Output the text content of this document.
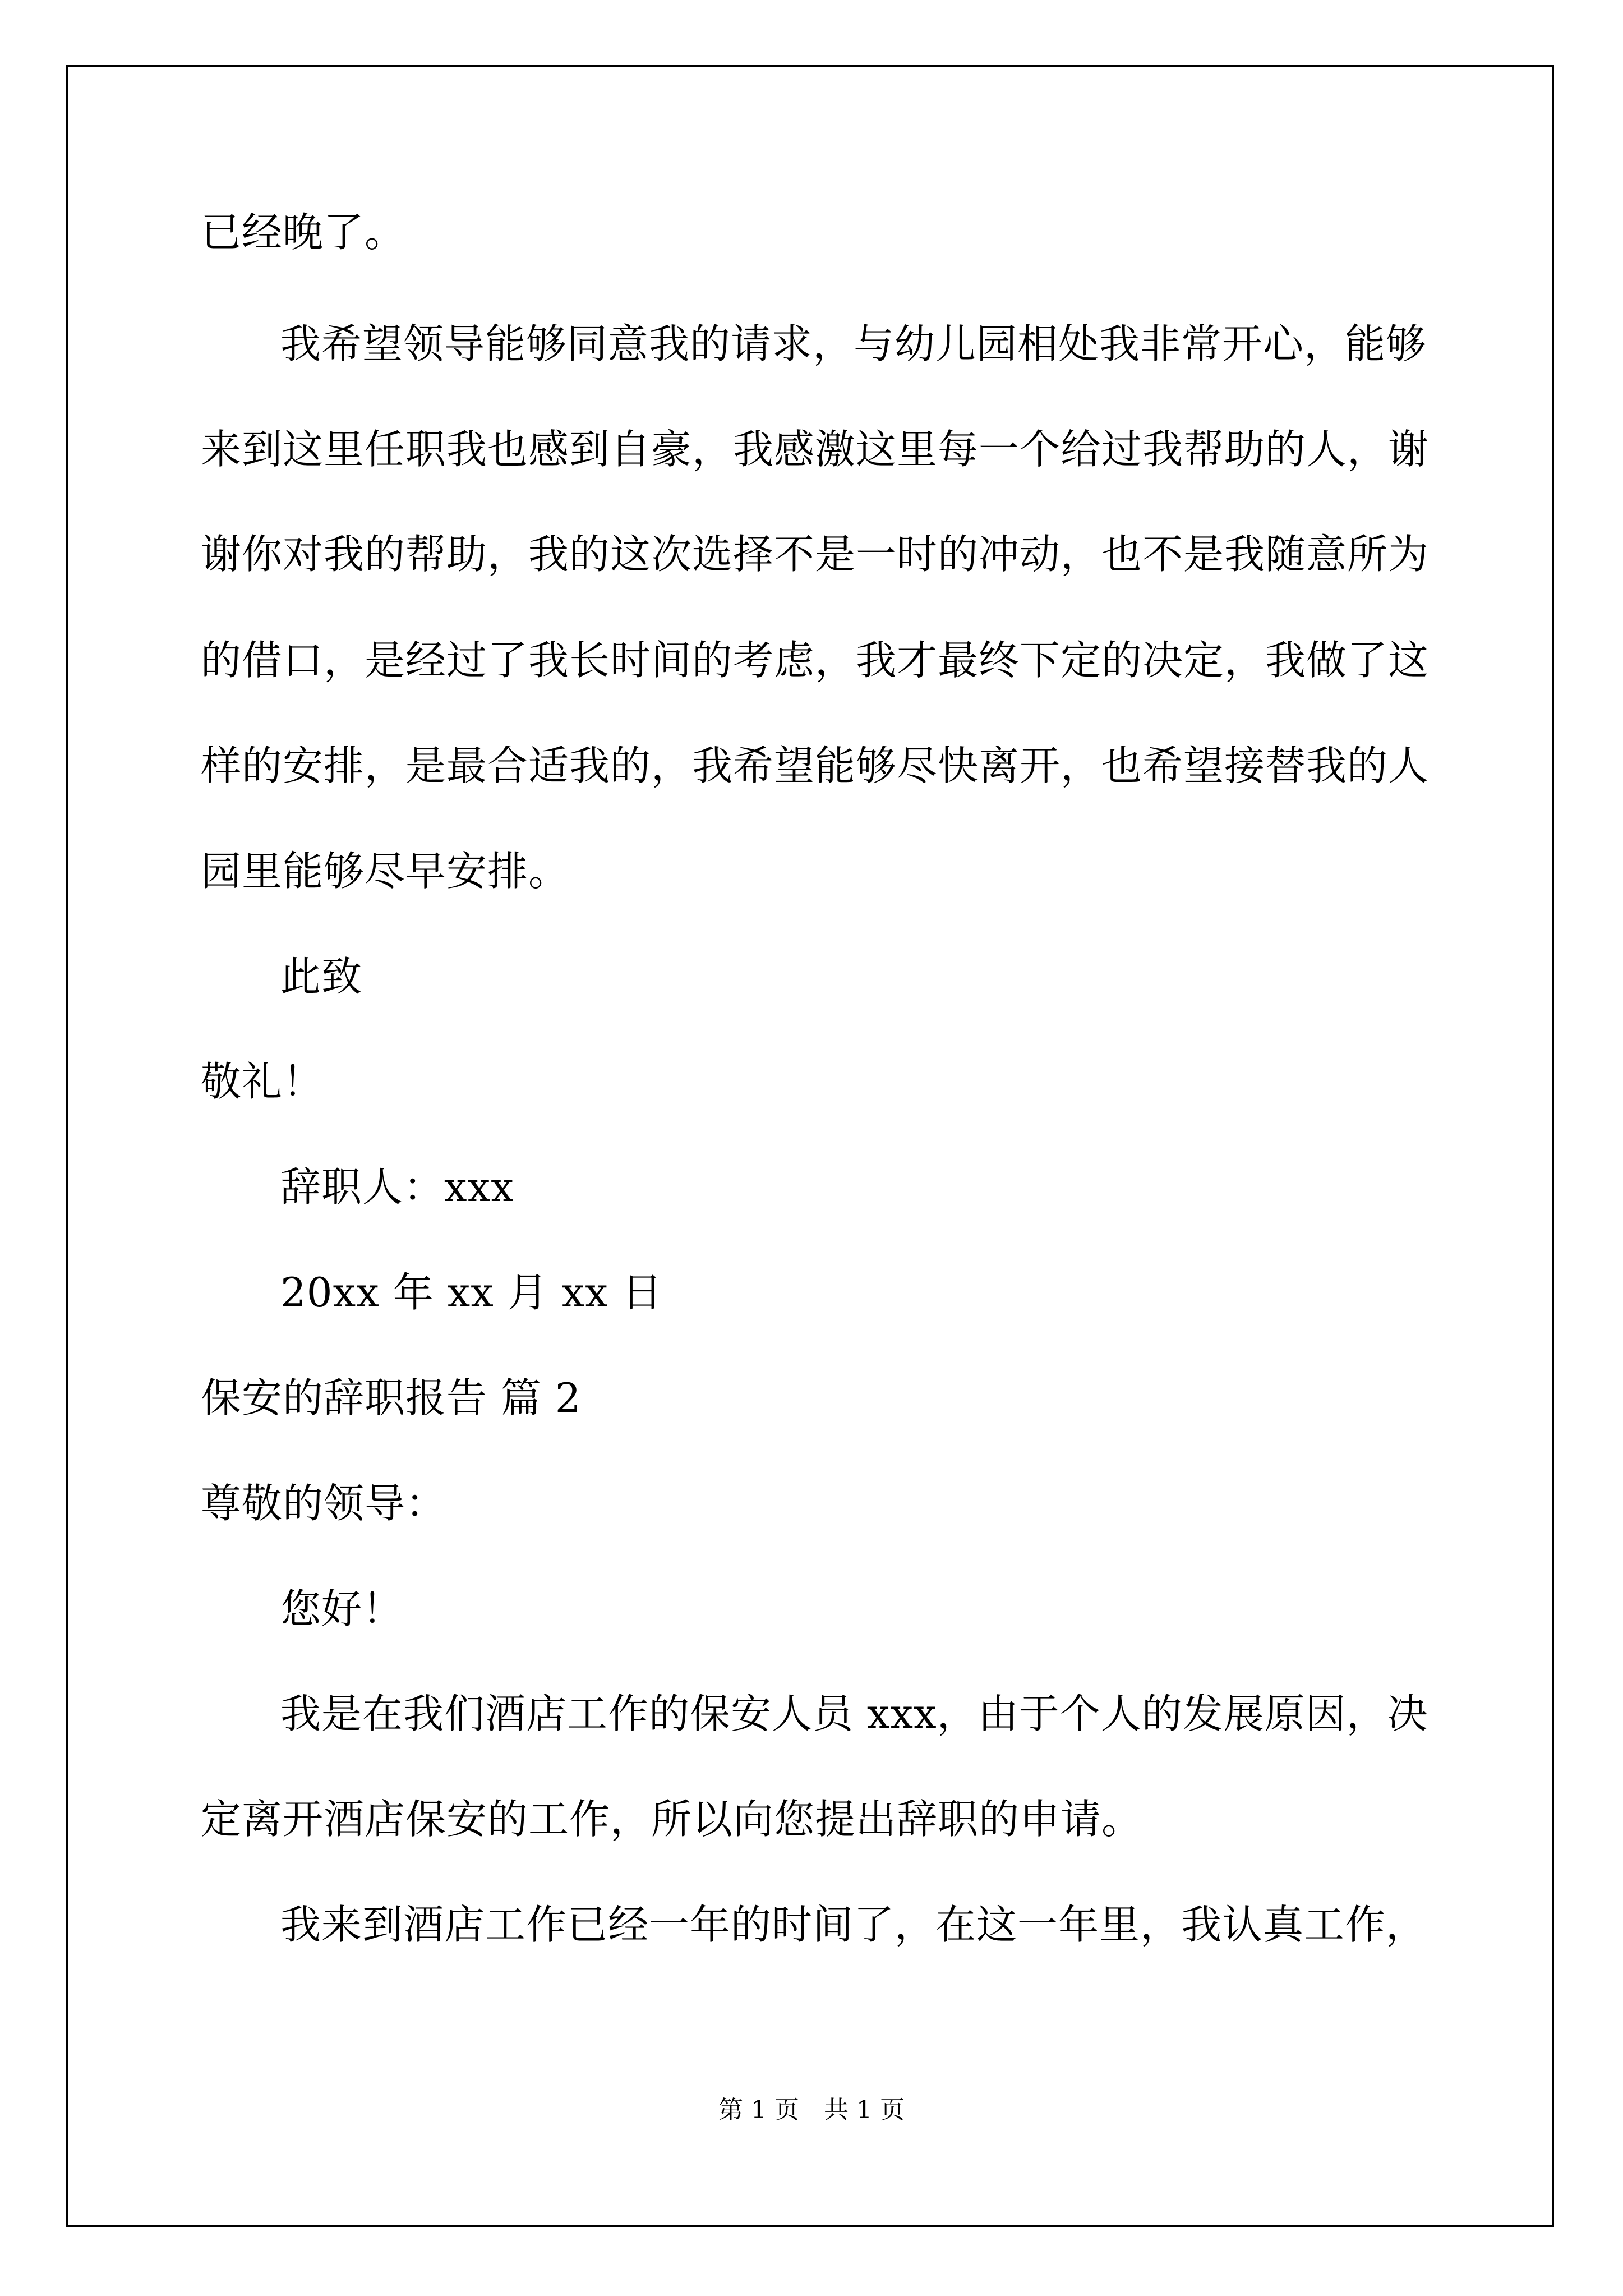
已经晚了。
我希望领导能够同意我的请求，与幼儿园相处我非常开心，能够
来到这里任职我也感到自豪，我感激这里每一个给过我帮助的人，谢
谢你对我的帮助，我的这次选择不是一时的冲动，也不是我随意所为
的借口，是经过了我长时间的考虑，我才最终下定的决定，我做了这
样的安排，是最合适我的，我希望能够尽快离开，也希望接替我的人
园里能够尽早安排。
此致
敬礼！
辞职人：xxx
20xx 年 xx 月 xx 日
保安的辞职报告 篇 2
尊敬的领导：
您好！
我是在我们酒店工作的保安人员 xxx，由于个人的发展原因，决
定离开酒店保安的工作，所以向您提出辞职的申请。
我来到酒店工作已经一年的时间了，在这一年里，我认真工作，
第 1 页　共 1 页
